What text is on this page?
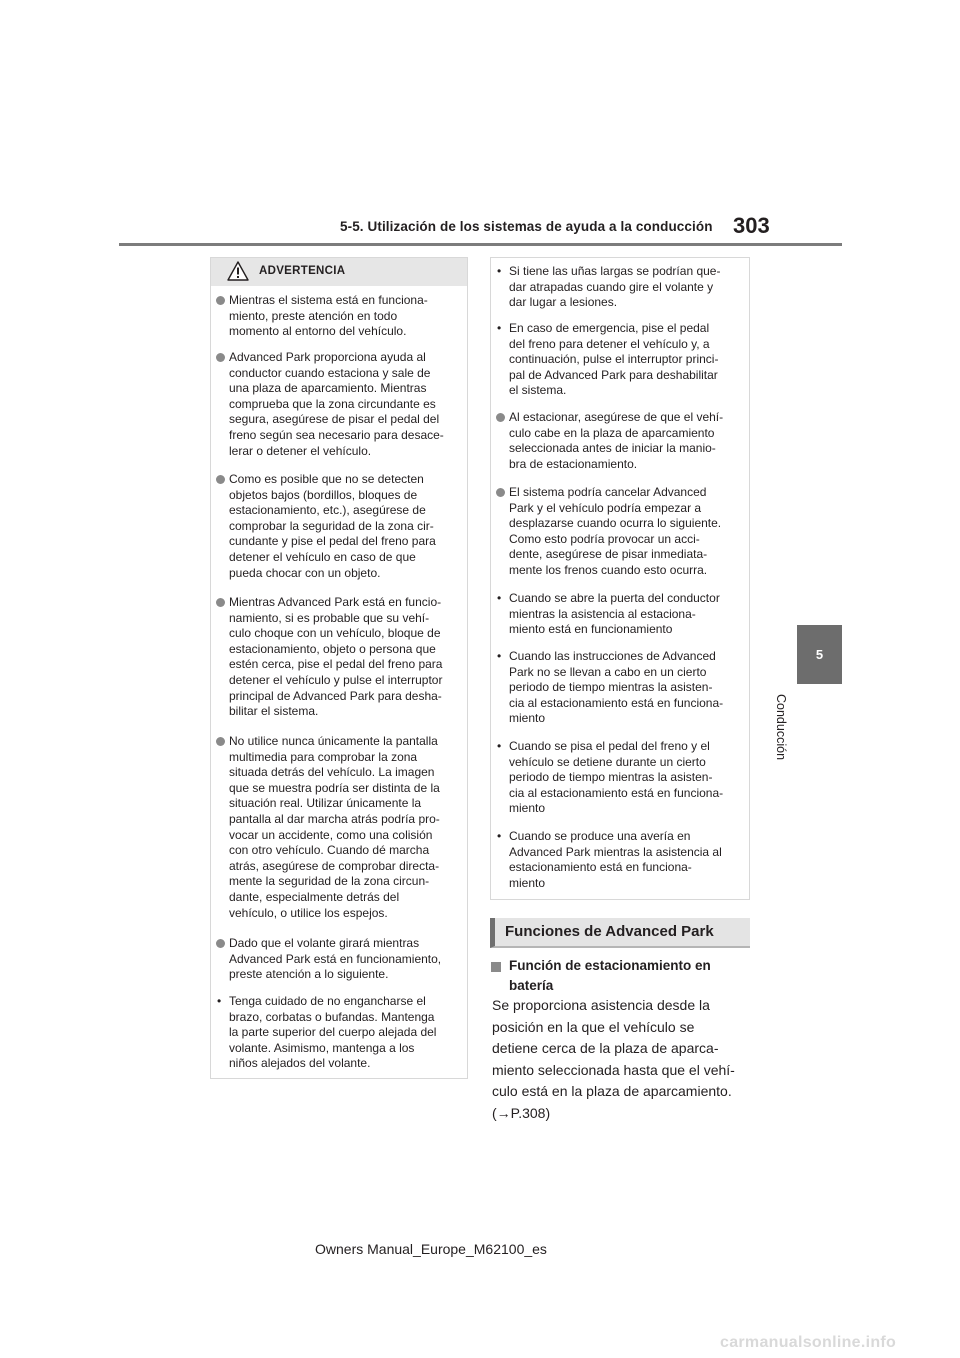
5-5. Utilización de los sistemas de ayuda a la conducción 303
5
Conducción
ADVERTENCIA
Mientras el sistema está en funciona-
miento, preste atención en todo
momento al entorno del vehículo.
Advanced Park proporciona ayuda al
conductor cuando estaciona y sale de
una plaza de aparcamiento. Mientras
comprueba que la zona circundante es
segura, asegúrese de pisar el pedal del
freno según sea necesario para desace-
lerar o detener el vehículo.
Como es posible que no se detecten
objetos bajos (bordillos, bloques de
estacionamiento, etc.), asegúrese de
comprobar la seguridad de la zona cir-
cundante y pise el pedal del freno para
detener el vehículo en caso de que
pueda chocar con un objeto.
Mientras Advanced Park está en funcio-
namiento, si es probable que su vehí-
culo choque con un vehículo, bloque de
estacionamiento, objeto o persona que
estén cerca, pise el pedal del freno para
detener el vehículo y pulse el interruptor
principal de Advanced Park para desha-
bilitar el sistema.
No utilice nunca únicamente la pantalla
multimedia para comprobar la zona
situada detrás del vehículo. La imagen
que se muestra podría ser distinta de la
situación real. Utilizar únicamente la
pantalla al dar marcha atrás podría pro-
vocar un accidente, como una colisión
con otro vehículo. Cuando dé marcha
atrás, asegúrese de comprobar directa-
mente la seguridad de la zona circun-
dante, especialmente detrás del
vehículo, o utilice los espejos.
Dado que el volante girará mientras
Advanced Park está en funcionamiento,
preste atención a lo siguiente.
• Tenga cuidado de no engancharse el
brazo, corbatas o bufandas. Mantenga
la parte superior del cuerpo alejada del
volante. Asimismo, mantenga a los
niños alejados del volante.
• Si tiene las uñas largas se podrían que-
dar atrapadas cuando gire el volante y
dar lugar a lesiones.
• En caso de emergencia, pise el pedal
del freno para detener el vehículo y, a
continuación, pulse el interruptor princi-
pal de Advanced Park para deshabilitar
el sistema.
Al estacionar, asegúrese de que el vehí-
culo cabe en la plaza de aparcamiento
seleccionada antes de iniciar la manio-
bra de estacionamiento.
El sistema podría cancelar Advanced
Park y el vehículo podría empezar a
desplazarse cuando ocurra lo siguiente.
Como esto podría provocar un acci-
dente, asegúrese de pisar inmediata-
mente los frenos cuando esto ocurra.
• Cuando se abre la puerta del conductor
mientras la asistencia al estaciona-
miento está en funcionamiento
• Cuando las instrucciones de Advanced
Park no se llevan a cabo en un cierto
periodo de tiempo mientras la asisten-
cia al estacionamiento está en funciona-
miento
• Cuando se pisa el pedal del freno y el
vehículo se detiene durante un cierto
periodo de tiempo mientras la asisten-
cia al estacionamiento está en funciona-
miento
• Cuando se produce una avería en
Advanced Park mientras la asistencia al
estacionamiento está en funciona-
miento
Funciones de Advanced Park
Función de estacionamiento en
batería
Se proporciona asistencia desde la
posición en la que el vehículo se
detiene cerca de la plaza de aparca-
miento seleccionada hasta que el vehí-
culo está en la plaza de aparcamiento.
(→P.308)
Owners Manual_Europe_M62100_es
carmanualsonline.info
